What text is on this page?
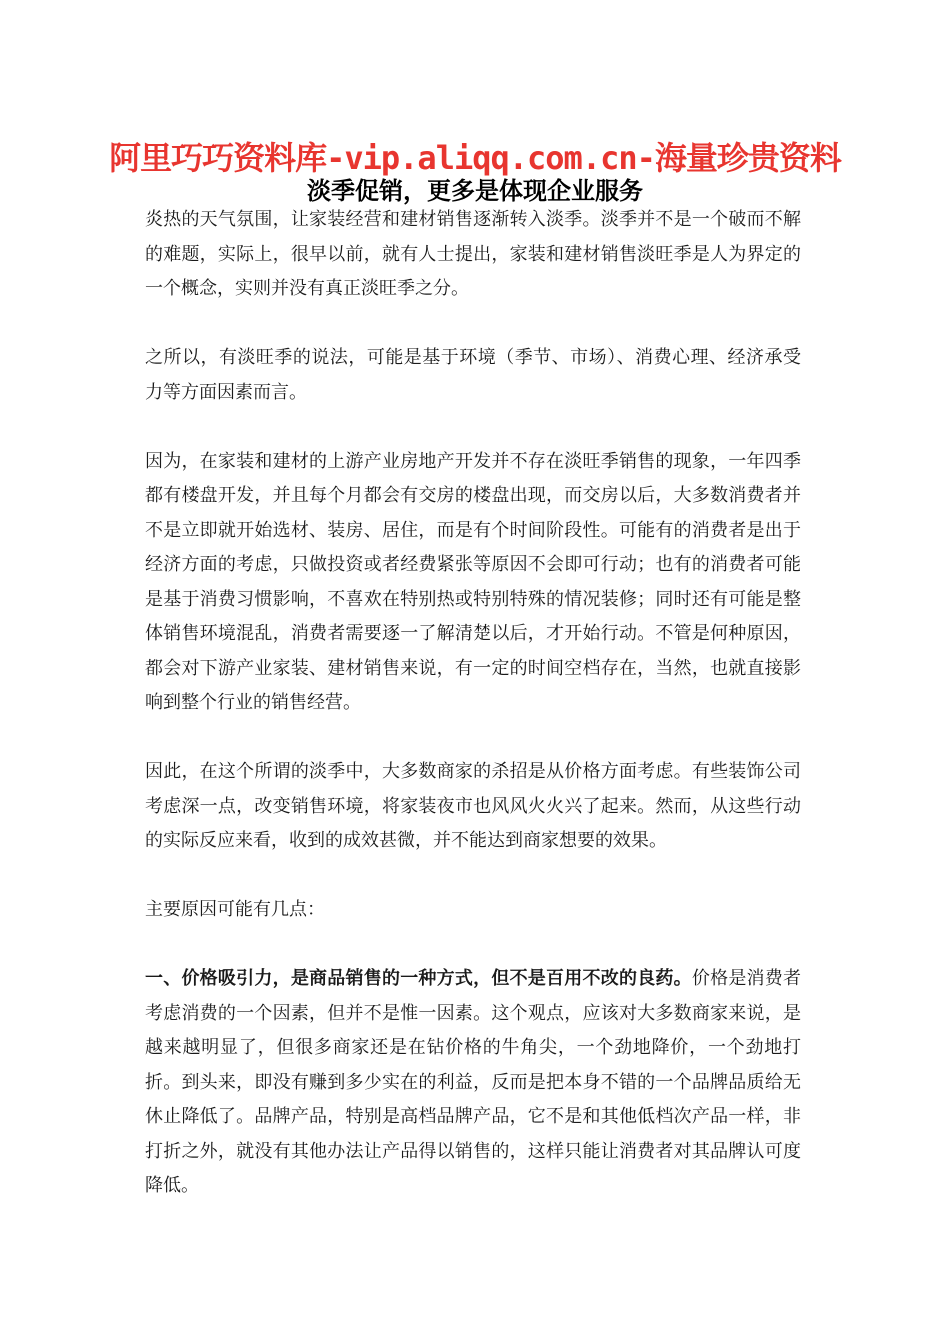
阿里巧巧资料库-vip.aliqq.com.cn-海量珍贵资料
淡季促销，更多是体现企业服务

炎热的天气氛围，让家装经营和建材销售逐渐转入淡季。淡季并不是一个破而不解的难题，实际上，很早以前，就有人士提出，家装和建材销售淡旺季是人为界定的一个概念，实则并没有真正淡旺季之分。

之所以，有淡旺季的说法，可能是基于环境（季节、市场）、消费心理、经济承受力等方面因素而言。

因为，在家装和建材的上游产业房地产开发并不存在淡旺季销售的现象，一年四季都有楼盘开发，并且每个月都会有交房的楼盘出现，而交房以后，大多数消费者并不是立即就开始选材、装房、居住，而是有个时间阶段性。可能有的消费者是出于经济方面的考虑，只做投资或者经费紧张等原因不会即可行动；也有的消费者可能是基于消费习惯影响，不喜欢在特别热或特别特殊的情况装修；同时还有可能是整体销售环境混乱，消费者需要逐一了解清楚以后，才开始行动。不管是何种原因，都会对下游产业家装、建材销售来说，有一定的时间空档存在，当然，也就直接影响到整个行业的销售经营。

因此，在这个所谓的淡季中，大多数商家的杀招是从价格方面考虑。有些装饰公司考虑深一点，改变销售环境，将家装夜市也风风火火兴了起来。然而，从这些行动的实际反应来看，收到的成效甚微，并不能达到商家想要的效果。

主要原因可能有几点：

一、价格吸引力，是商品销售的一种方式，但不是百用不改的良药。价格是消费者考虑消费的一个因素，但并不是惟一因素。这个观点，应该对大多数商家来说，是越来越明显了，但很多商家还是在钻价格的牛角尖，一个劲地降价，一个劲地打折。到头来，即没有赚到多少实在的利益，反而是把本身不错的一个品牌品质给无休止降低了。品牌产品，特别是高档品牌产品，它不是和其他低档次产品一样，非打折之外，就没有其他办法让产品得以销售的，这样只能让消费者对其品牌认可度降低。
